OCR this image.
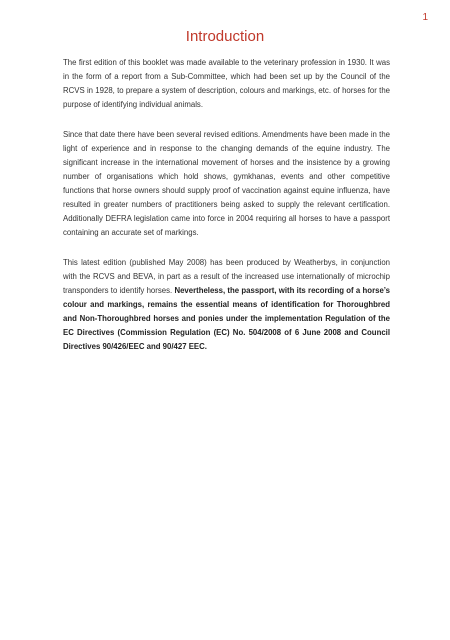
1

Introduction

The first edition of this booklet was made available to the veterinary profession in 1930. It was in the form of a report from a Sub-Committee, which had been set up by the Council of the RCVS in 1928, to prepare a system of description, colours and markings, etc. of horses for the purpose of identifying individual animals.

Since that date there have been several revised editions. Amendments have been made in the light of experience and in response to the changing demands of the equine industry. The significant increase in the international movement of horses and the insistence by a growing number of organisations which hold shows, gymkhanas, events and other competitive functions that horse owners should supply proof of vaccination against equine influenza, have resulted in greater numbers of practitioners being asked to supply the relevant certification. Additionally DEFRA legislation came into force in 2004 requiring all horses to have a passport containing an accurate set of markings.

This latest edition (published May 2008) has been produced by Weatherbys, in conjunction with the RCVS and BEVA, in part as a result of the increased use internationally of microchip transponders to identify horses. Nevertheless, the passport, with its recording of a horse’s colour and markings, remains the essential means of identification for Thoroughbred and Non-Thoroughbred horses and ponies under the implementation Regulation of the EC Directives (Commission Regulation (EC) No. 504/2008 of 6 June 2008 and Council Directives 90/426/EEC and 90/427 EEC.
